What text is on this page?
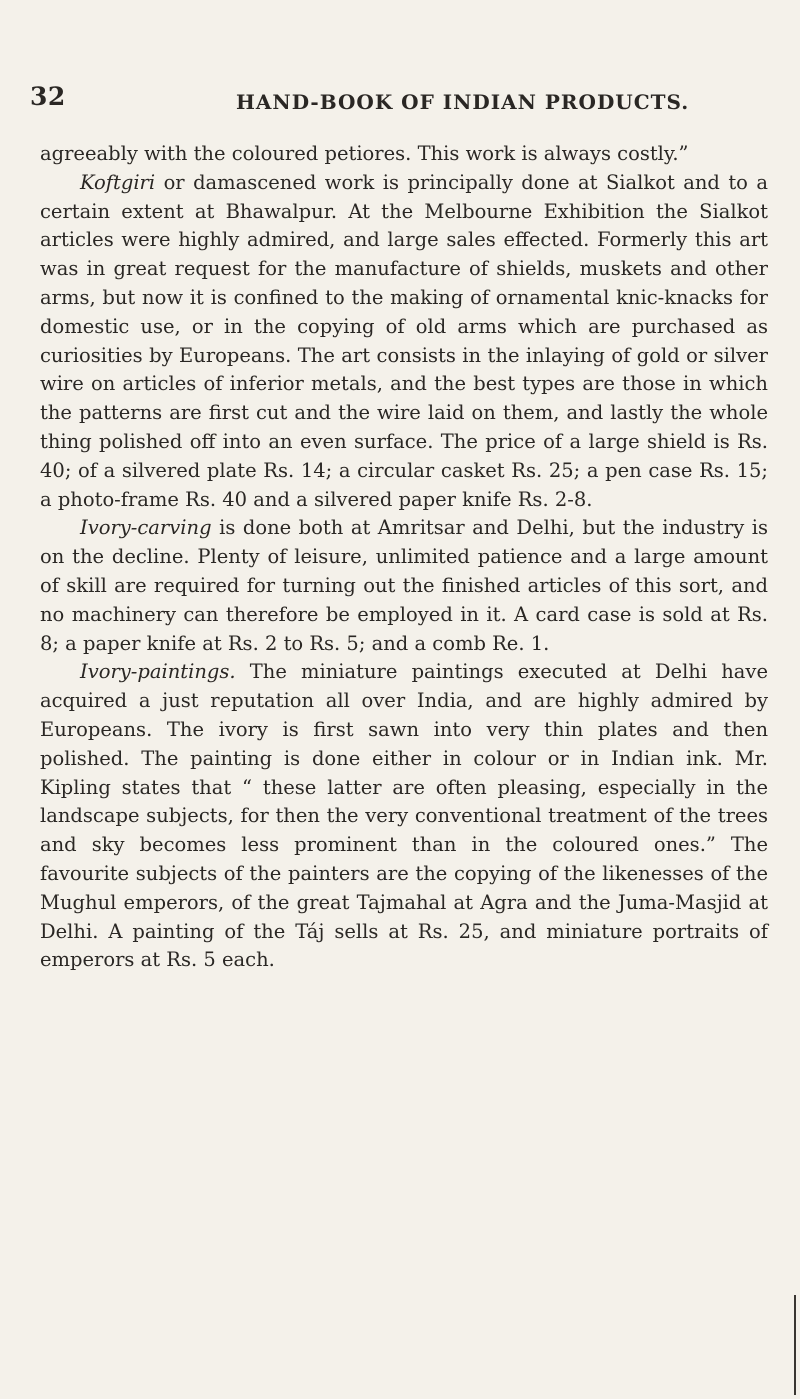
32	HAND-BOOK OF INDIAN PRODUCTS.

agreeably with the coloured petiores. This work is always costly.”

Koftgiri or damascened work is principally done at Sialkot and to a certain extent at Bhawalpur. At the Melbourne Exhibition the Sialkot articles were highly admired, and large sales effected. Formerly this art was in great request for the manufacture of shields, muskets and other arms, but now it is confined to the making of ornamental knic-knacks for domestic use, or in the copying of old arms which are purchased as curiosities by Europeans. The art consists in the inlaying of gold or silver wire on articles of inferior metals, and the best types are those in which the patterns are first cut and the wire laid on them, and lastly the whole thing polished off into an even surface. The price of a large shield is Rs. 40; of a silvered plate Rs. 14; a circular casket Rs. 25; a pen case Rs. 15; a photo-frame Rs. 40 and a silvered paper knife Rs. 2-8.

Ivory-carving is done both at Amritsar and Delhi, but the industry is on the decline. Plenty of leisure, unlimited patience and a large amount of skill are required for turning out the finished articles of this sort, and no machinery can therefore be employed in it. A card case is sold at Rs. 8; a paper knife at Rs. 2 to Rs. 5; and a comb Re. 1.

Ivory-paintings. The miniature paintings executed at Delhi have acquired a just reputation all over India, and are highly admired by Europeans. The ivory is first sawn into very thin plates and then polished. The painting is done either in colour or in Indian ink. Mr. Kipling states that “ these latter are often pleasing, especially in the landscape subjects, for then the very conventional treatment of the trees and sky becomes less prominent than in the coloured ones.” The favourite subjects of the painters are the copying of the likenesses of the Mughul emperors, of the great Tajmahal at Agra and the Juma-Masjid at Delhi. A painting of the Táj sells at Rs. 25, and miniature portraits of emperors at Rs. 5 each.
